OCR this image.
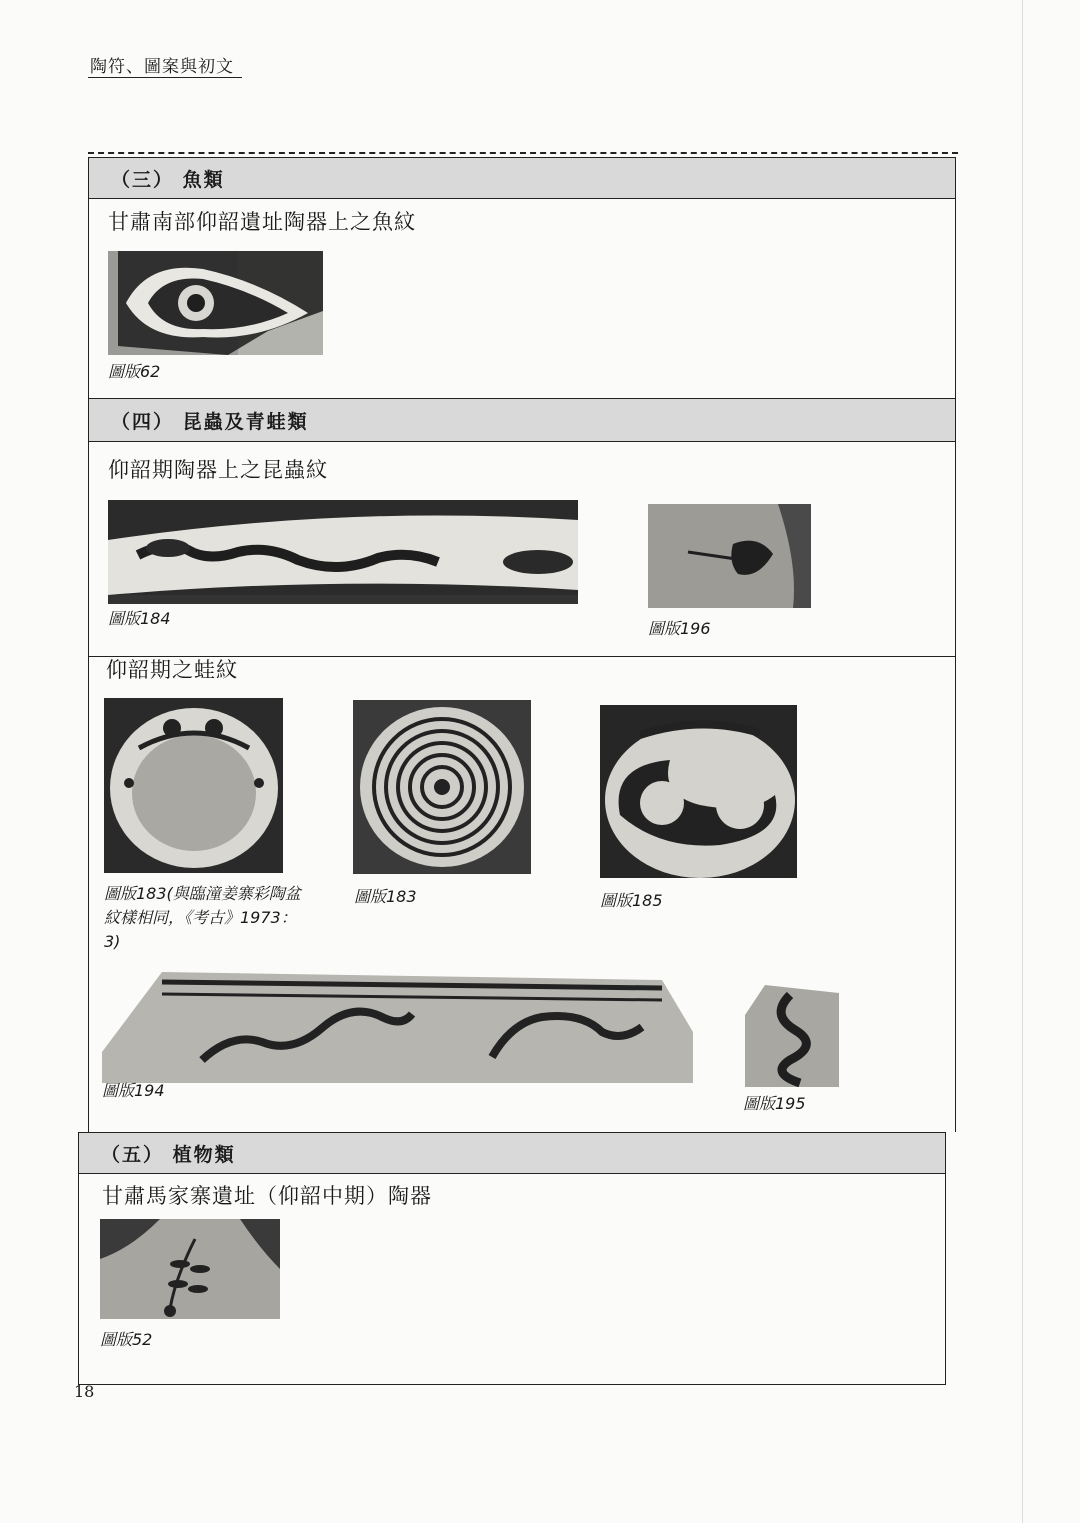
陶符、圖案與初文
（三） 魚類
甘肅南部仰韶遺址陶器上之魚紋
圖版62
（四） 昆蟲及青蛙類
仰韶期陶器上之昆蟲紋
圖版184
圖版196
仰韶期之蛙紋
圖版183(與臨潼姜寨彩陶盆紋樣相同，《考古》1973：3)
圖版183	圖版185
圖版194
圖版195
（五） 植物類
甘肅馬家寨遺址（仰韶中期）陶器
圖版52
18
